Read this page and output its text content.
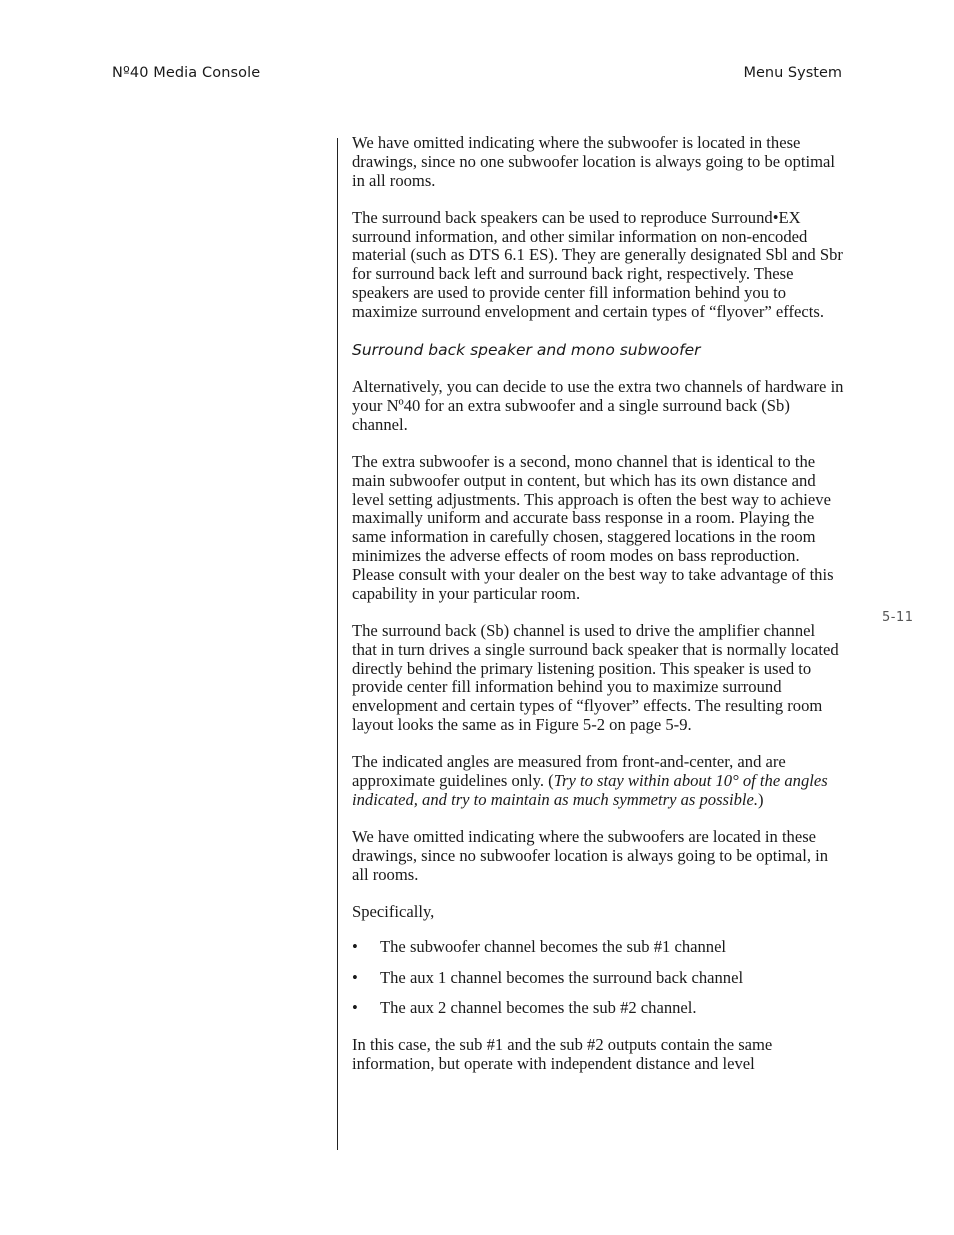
Nº40 Media Console	Menu System
5-11

We have omitted indicating where the subwoofer is located in these drawings, since no one subwoofer location is always going to be optimal in all rooms.

The surround back speakers can be used to reproduce Surround•EX surround information, and other similar information on non-encoded material (such as DTS 6.1 ES). They are generally designated Sbl and Sbr for surround back left and surround back right, respectively. These speakers are used to provide center fill information behind you to maximize surround envelopment and certain types of “flyover” effects.

Surround back speaker and mono subwoofer

Alternatively, you can decide to use the extra two channels of hardware in your Nº40 for an extra subwoofer and a single surround back (Sb) channel.

The extra subwoofer is a second, mono channel that is identical to the main subwoofer output in content, but which has its own distance and level setting adjustments. This approach is often the best way to achieve maximally uniform and accurate bass response in a room. Playing the same information in carefully chosen, staggered locations in the room minimizes the adverse effects of room modes on bass reproduction. Please consult with your dealer on the best way to take advantage of this capability in your particular room.

The surround back (Sb) channel is used to drive the amplifier channel that in turn drives a single surround back speaker that is normally located directly behind the primary listening position. This speaker is used to provide center fill information behind you to maximize surround envelopment and certain types of “flyover” effects. The resulting room layout looks the same as in Figure 5-2 on page 5-9.

The indicated angles are measured from front-and-center, and are approximate guidelines only. (Try to stay within about 10° of the angles indicated, and try to maintain as much symmetry as possible.)

We have omitted indicating where the subwoofers are located in these drawings, since no subwoofer location is always going to be optimal, in all rooms.

Specifically,

• The subwoofer channel becomes the sub #1 channel
• The aux 1 channel becomes the surround back channel
• The aux 2 channel becomes the sub #2 channel.

In this case, the sub #1 and the sub #2 outputs contain the same information, but operate with independent distance and level
